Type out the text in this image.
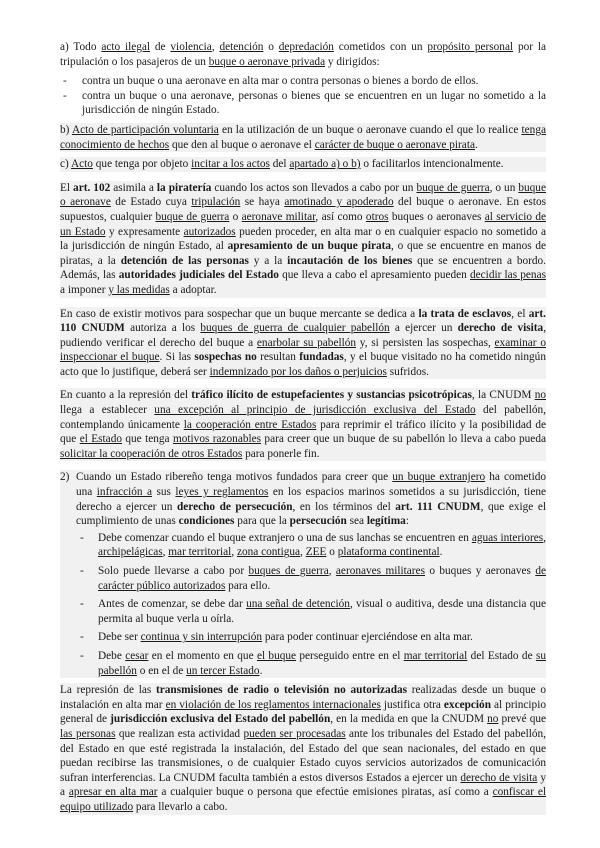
a) Todo acto ilegal de violencia, detención o depredación cometidos con un propósito personal por la tripulación o los pasajeros de un buque o aeronave privada y dirigidos:

- contra un buque o una aeronave en alta mar o contra personas o bienes a bordo de ellos.
- contra un buque o una aeronave, personas o bienes que se encuentren en un lugar no sometido a la jurisdicción de ningún Estado.

b) Acto de participación voluntaria en la utilización de un buque o aeronave cuando el que lo realice tenga conocimiento de hechos que den al buque o aeronave el carácter de buque o aeronave pirata.

c) Acto que tenga por objeto incitar a los actos del apartado a) o b) o facilitarlos intencionalmente.

El art. 102 asimila a la piratería cuando los actos son llevados a cabo por un buque de guerra, o un buque o aeronave de Estado cuya tripulación se haya amotinado y apoderado del buque o aeronave. En estos supuestos, cualquier buque de guerra o aeronave militar, así como otros buques o aeronaves al servicio de un Estado y expresamente autorizados pueden proceder, en alta mar o en cualquier espacio no sometido a la jurisdicción de ningún Estado, al apresamiento de un buque pirata, o que se encuentre en manos de piratas, a la detención de las personas y a la incautación de los bienes que se encuentren a bordo. Además, las autoridades judiciales del Estado que lleva a cabo el apresamiento pueden decidir las penas a imponer y las medidas a adoptar.

En caso de existir motivos para sospechar que un buque mercante se dedica a la trata de esclavos, el art. 110 CNUDM autoriza a los buques de guerra de cualquier pabellón a ejercer un derecho de visita, pudiendo verificar el derecho del buque a enarbolar su pabellón y, si persisten las sospechas, examinar o inspeccionar el buque. Si las sospechas no resultan fundadas, y el buque visitado no ha cometido ningún acto que lo justifique, deberá ser indemnizado por los daños o perjuicios sufridos.

En cuanto a la represión del tráfico ilícito de estupefacientes y sustancias psicotrópicas, la CNUDM no llega a establecer una excepción al principio de jurisdicción exclusiva del Estado del pabellón, contemplando únicamente la cooperación entre Estados para reprimir el tráfico ilícito y la posibilidad de que el Estado que tenga motivos razonables para creer que un buque de su pabellón lo lleva a cabo pueda solicitar la cooperación de otros Estados para ponerle fin.

2) Cuando un Estado ribereño tenga motivos fundados para creer que un buque extranjero ha cometido una infracción a sus leyes y reglamentos en los espacios marinos sometidos a su jurisdicción, tiene derecho a ejercer un derecho de persecución, en los términos del art. 111 CNUDM, que exige el cumplimiento de unas condiciones para que la persecución sea legítima:

- Debe comenzar cuando el buque extranjero o una de sus lanchas se encuentren en aguas interiores, archipelágicas, mar territorial, zona contigua, ZEE o plataforma continental.
- Solo puede llevarse a cabo por buques de guerra, aeronaves militares o buques y aeronaves de carácter público autorizados para ello.
- Antes de comenzar, se debe dar una señal de detención, visual o auditiva, desde una distancia que permita al buque verla u oírla.
- Debe ser continua y sin interrupción para poder continuar ejerciéndose en alta mar.
- Debe cesar en el momento en que el buque perseguido entre en el mar territorial del Estado de su pabellón o en el de un tercer Estado.

La represión de las transmisiones de radio o televisión no autorizadas realizadas desde un buque o instalación en alta mar en violación de los reglamentos internacionales justifica otra excepción al principio general de jurisdicción exclusiva del Estado del pabellón, en la medida en que la CNUDM no prevé que las personas que realizan esta actividad pueden ser procesadas ante los tribunales del Estado del pabellón, del Estado en que esté registrada la instalación, del Estado del que sean nacionales, del estado en que puedan recibirse las transmisiones, o de cualquier Estado cuyos servicios autorizados de comunicación sufran interferencias. La CNUDM faculta también a estos diversos Estados a ejercer un derecho de visita y a apresar en alta mar a cualquier buque o persona que efectúe emisiones piratas, así como a confiscar el equipo utilizado para llevarlo a cabo.
